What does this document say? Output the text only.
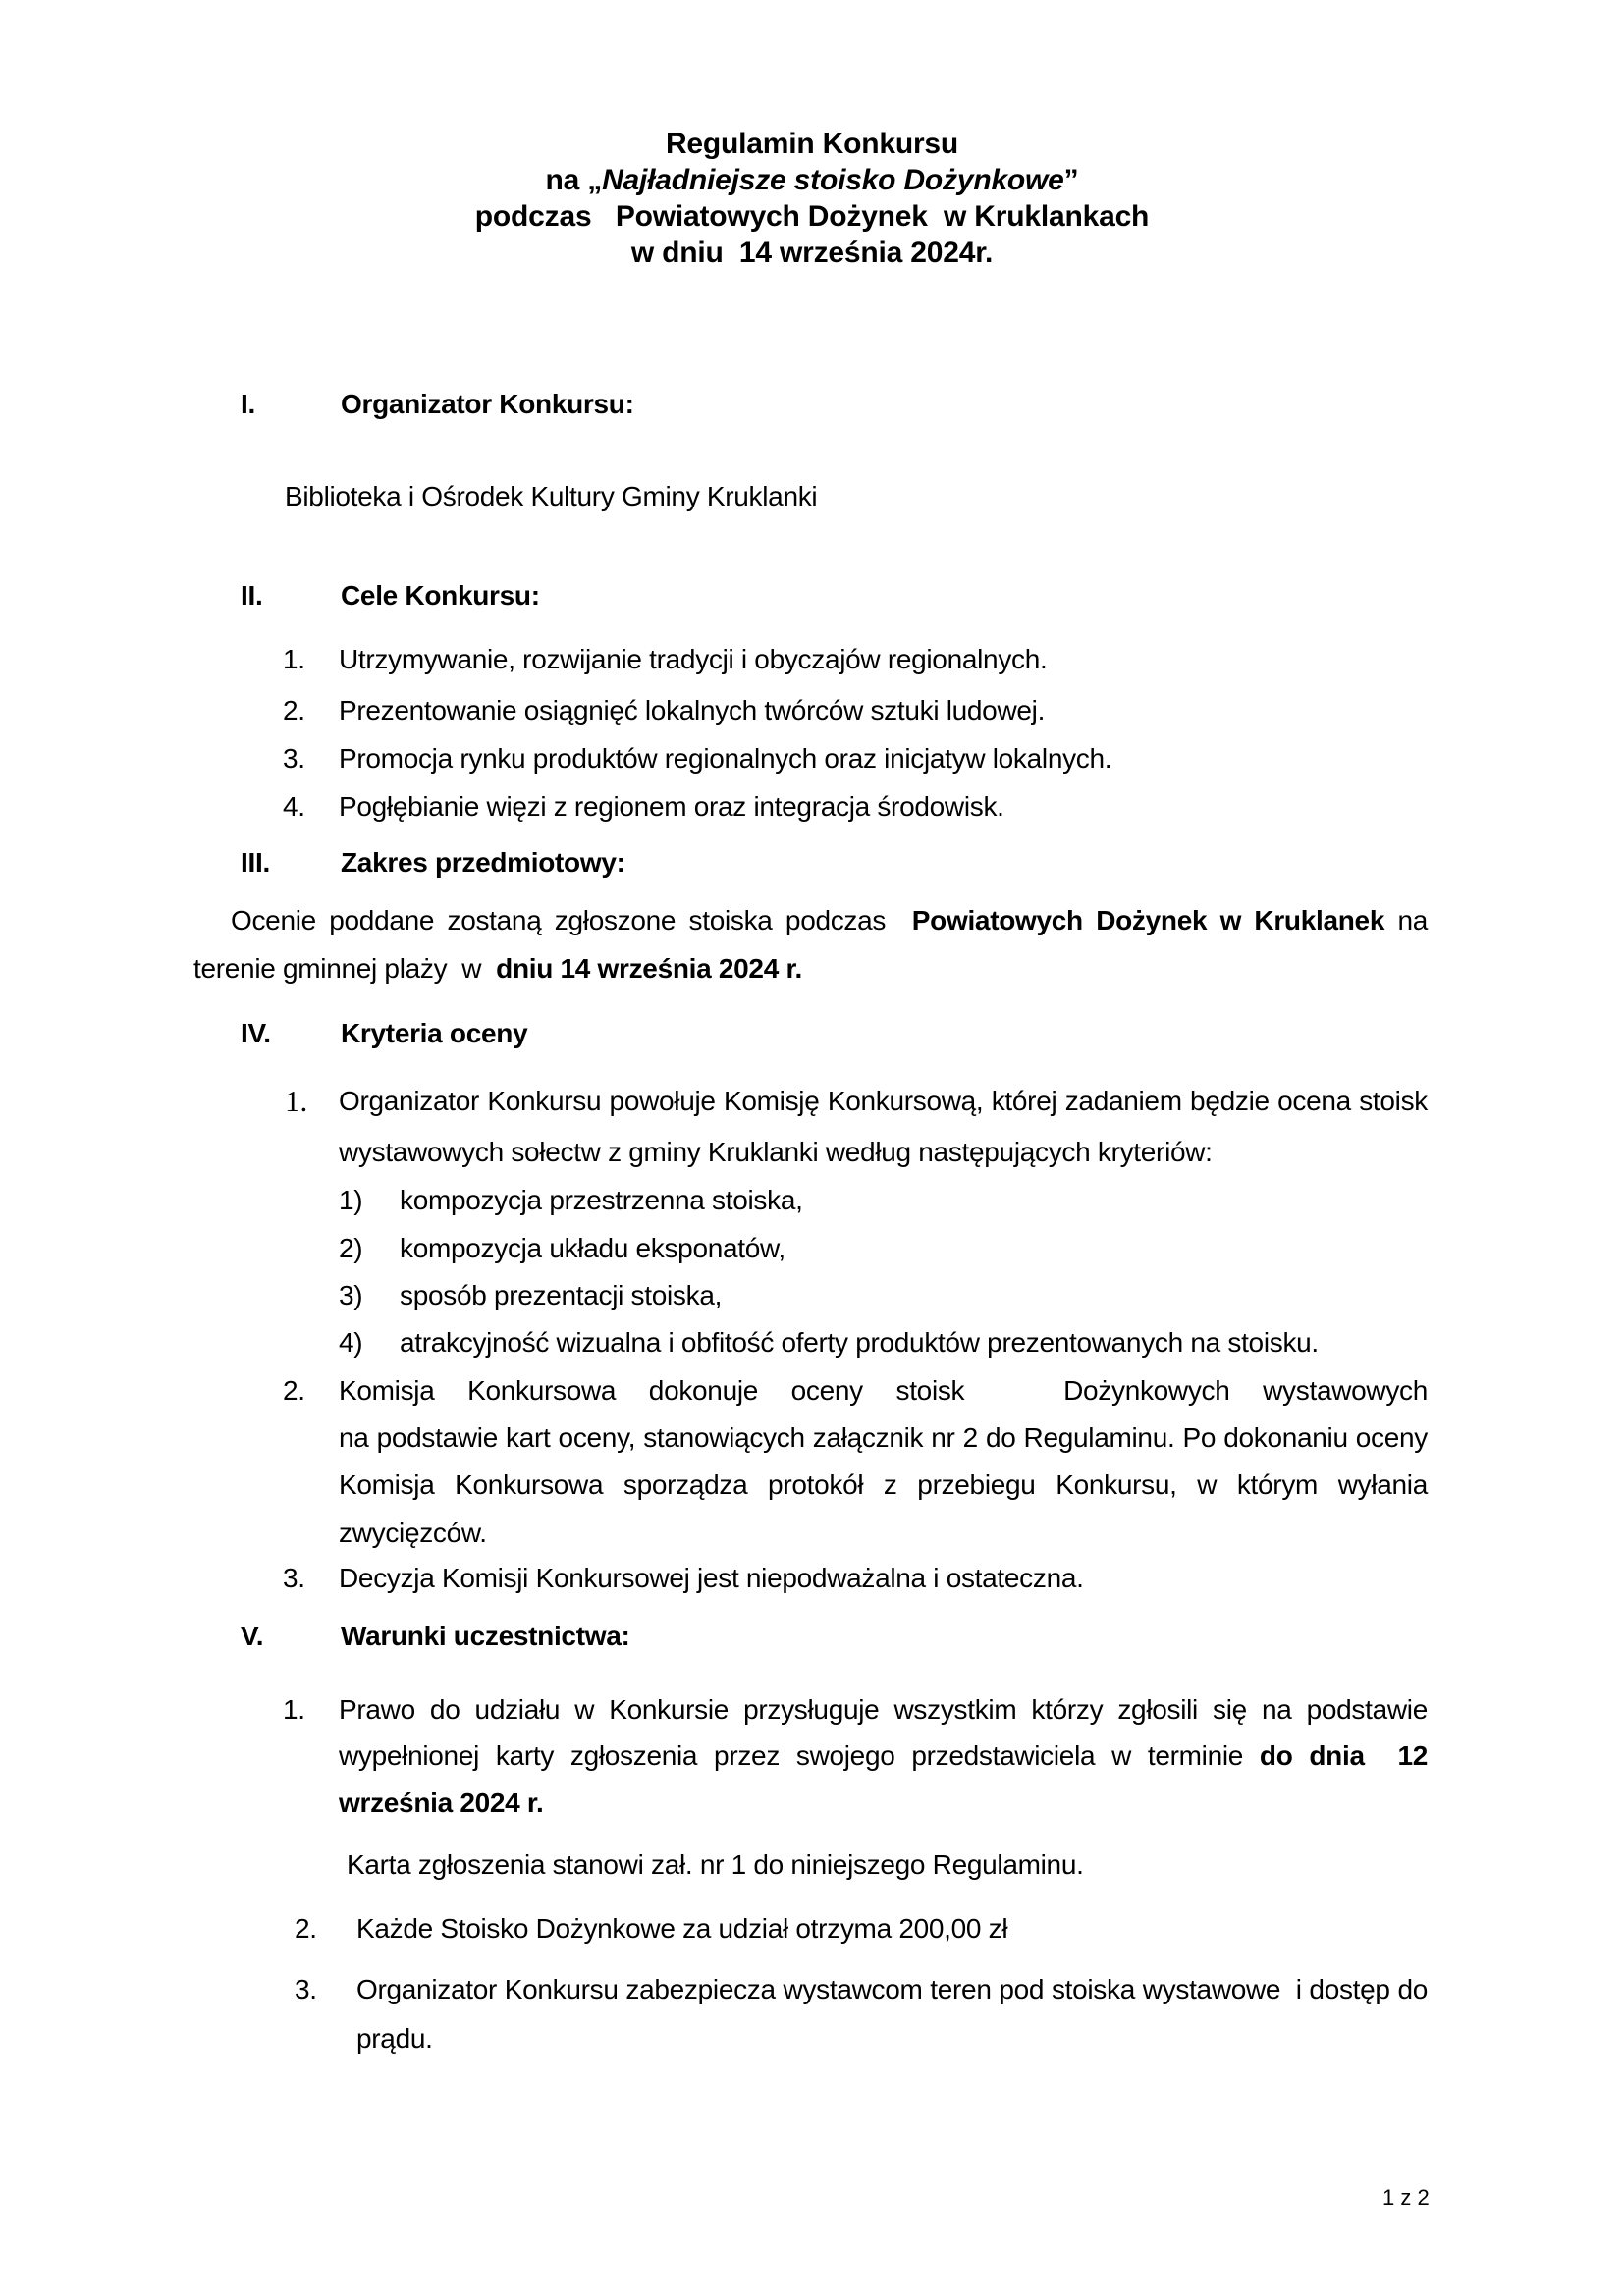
Regulamin Konkursu
na „Najładniejsze stoisko Dożynkowe”
podczas   Powiatowych Dożynek  w Kruklankach
w dniu  14 września 2024r.
I.	Organizator Konkursu:
Biblioteka i Ośrodek Kultury Gminy Kruklanki
II.	Cele Konkursu:
1. Utrzymywanie, rozwijanie tradycji i obyczajów regionalnych.
2. Prezentowanie osiągnięć lokalnych twórców sztuki ludowej.
3. Promocja rynku produktów regionalnych oraz inicjatyw lokalnych.
4. Pogłębianie więzi z regionem oraz integracja środowisk.
III.	Zakres przedmiotowy:
Ocenie poddane zostaną zgłoszone stoiska podczas  Powiatowych Dożynek w Kruklanek na
terenie gminnej plaży  w  dniu 14 września 2024 r.
IV.	Kryteria oceny
1. Organizator Konkursu powołuje Komisję Konkursową, której zadaniem będzie ocena stoisk
wystawowych sołectw z gminy Kruklanki według następujących kryteriów:
1) kompozycja przestrzenna stoiska,
2) kompozycja układu eksponatów,
3) sposób prezentacji stoiska,
4) atrakcyjność wizualna i obfitość oferty produktów prezentowanych na stoisku.
2. Komisja Konkursowa dokonuje oceny stoisk   Dożynkowych wystawowych
na podstawie kart oceny, stanowiących załącznik nr 2 do Regulaminu. Po dokonaniu oceny
Komisja Konkursowa sporządza protokół z przebiegu Konkursu, w którym wyłania
zwycięzców.
3. Decyzja Komisji Konkursowej jest niepodważalna i ostateczna.
V.	Warunki uczestnictwa:
1. Prawo do udziału w Konkursie przysługuje wszystkim którzy zgłosili się na podstawie
wypełnionej karty zgłoszenia przez swojego przedstawiciela w terminie do dnia  12
września 2024 r.
Karta zgłoszenia stanowi zał. nr 1 do niniejszego Regulaminu.
2. Każde Stoisko Dożynkowe za udział otrzyma 200,00 zł
3. Organizator Konkursu zabezpiecza wystawcom teren pod stoiska wystawowe  i dostęp do
prądu.
1 z 2
